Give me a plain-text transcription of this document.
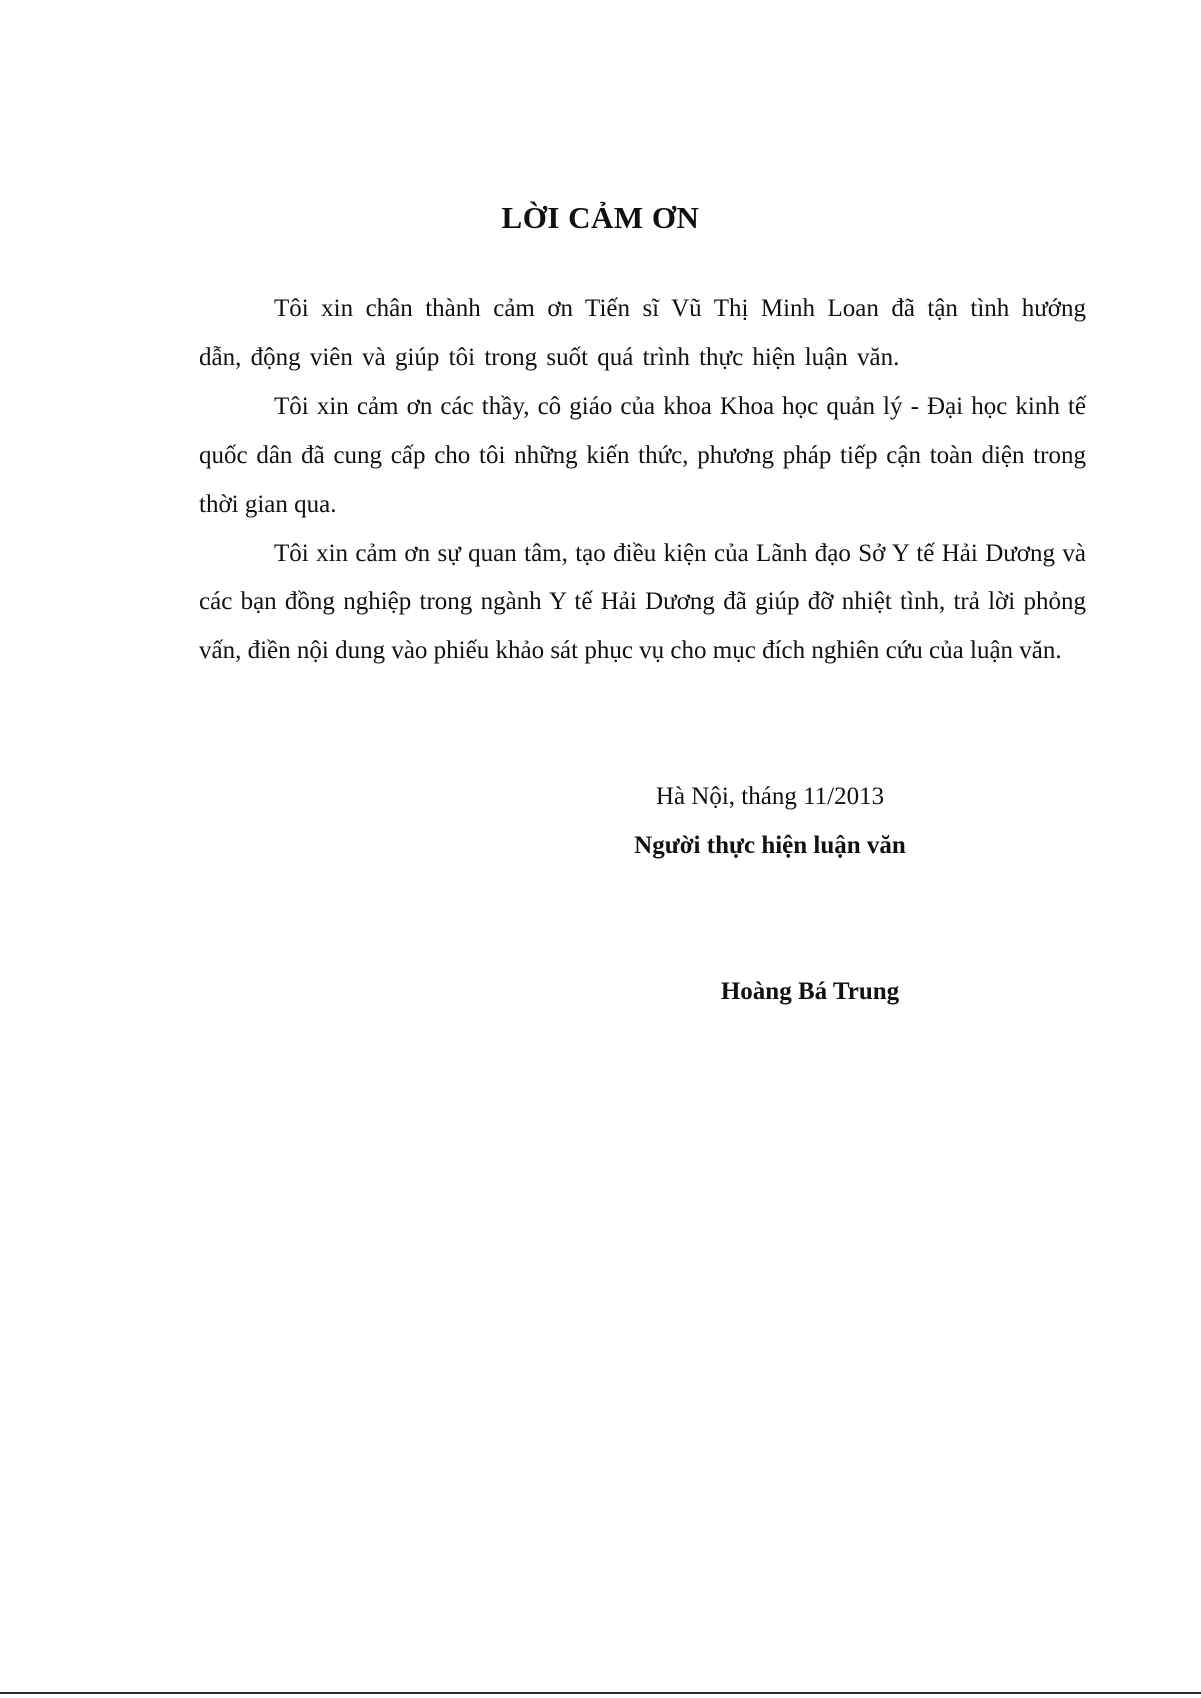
LỜI CẢM ƠN

Tôi xin chân thành cảm ơn Tiến sĩ Vũ Thị Minh Loan đã tận tình hướng dẫn, động viên và giúp tôi trong suốt quá trình thực hiện luận văn.

Tôi xin cảm ơn các thầy, cô giáo của khoa Khoa học quản lý - Đại học kinh tế quốc dân đã cung cấp cho tôi những kiến thức, phương pháp tiếp cận toàn diện trong thời gian qua.

Tôi xin cảm ơn sự quan tâm, tạo điều kiện của Lãnh đạo Sở Y tế Hải Dương và các bạn đồng nghiệp trong ngành Y tế Hải Dương đã giúp đỡ nhiệt tình, trả lời phỏng vấn, điền nội dung vào phiếu khảo sát phục vụ cho mục đích nghiên cứu của luận văn.

Hà Nội, tháng 11/2013
Người thực hiện luận văn
Hoàng Bá Trung
